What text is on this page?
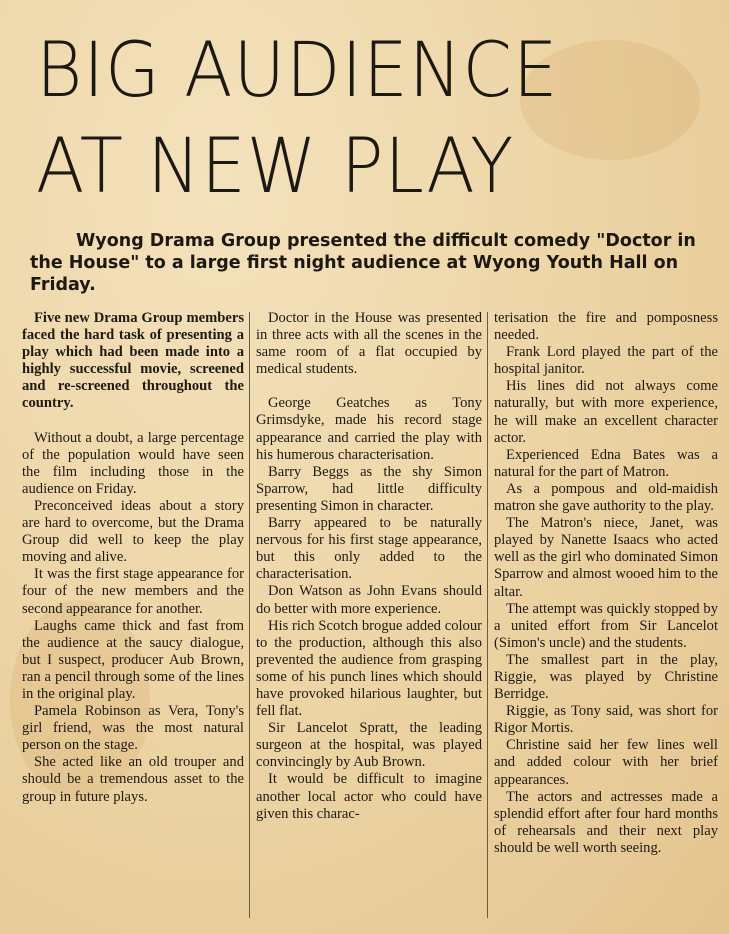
BIG AUDIENCE
AT NEW PLAY
Wyong Drama Group presented the difficult comedy "Doctor in the House" to a large first night audience at Wyong Youth Hall on Friday.

Five new Drama Group members faced the hard task of presenting a play which had been made into a highly successful movie, screened and re-screened throughout the country.

Without a doubt, a large percentage of the population would have seen the film including those in the audience on Friday.

Preconceived ideas about a story are hard to overcome, but the Drama Group did well to keep the play moving and alive.

It was the first stage appearance for four of the new members and the second appearance for another.

Laughs came thick and fast from the audience at the saucy dialogue, but I suspect, producer Aub Brown, ran a pencil through some of the lines in the original play.

Pamela Robinson as Vera, Tony's girl friend, was the most natural person on the stage.

She acted like an old trouper and should be a tremendous asset to the group in future plays.

Doctor in the House was presented in three acts with all the scenes in the same room of a flat occupied by medical students.

George Geatches as Tony Grimsdyke, made his record stage appearance and carried the play with his humerous characterisation.

Barry Beggs as the shy Simon Sparrow, had little difficulty presenting Simon in character.

Barry appeared to be naturally nervous for his first stage appearance, but this only added to the characterisation.

Don Watson as John Evans should do better with more experience.

His rich Scotch brogue added colour to the production, although this also prevented the audience from grasping some of his punch lines which should have provoked hilarious laughter, but fell flat.

Sir Lancelot Spratt, the leading surgeon at the hospital, was played convincingly by Aub Brown.

It would be difficult to imagine another local actor who could have given this charac-

terisation the fire and pomposness needed.

Frank Lord played the part of the hospital janitor.

His lines did not always come naturally, but with more experience, he will make an excellent character actor.

Experienced Edna Bates was a natural for the part of Matron.

As a pompous and old-maidish matron she gave authority to the play.

The Matron's niece, Janet, was played by Nanette Isaacs who acted well as the girl who dominated Simon Sparrow and almost wooed him to the altar.

The attempt was quickly stopped by a united effort from Sir Lancelot (Simon's uncle) and the students.

The smallest part in the play, Riggie, was played by Christine Berridge.

Riggie, as Tony said, was short for Rigor Mortis.

Christine said her few lines well and added colour with her brief appearances.

The actors and actresses made a splendid effort after four hard months of rehearsals and their next play should be well worth seeing.
